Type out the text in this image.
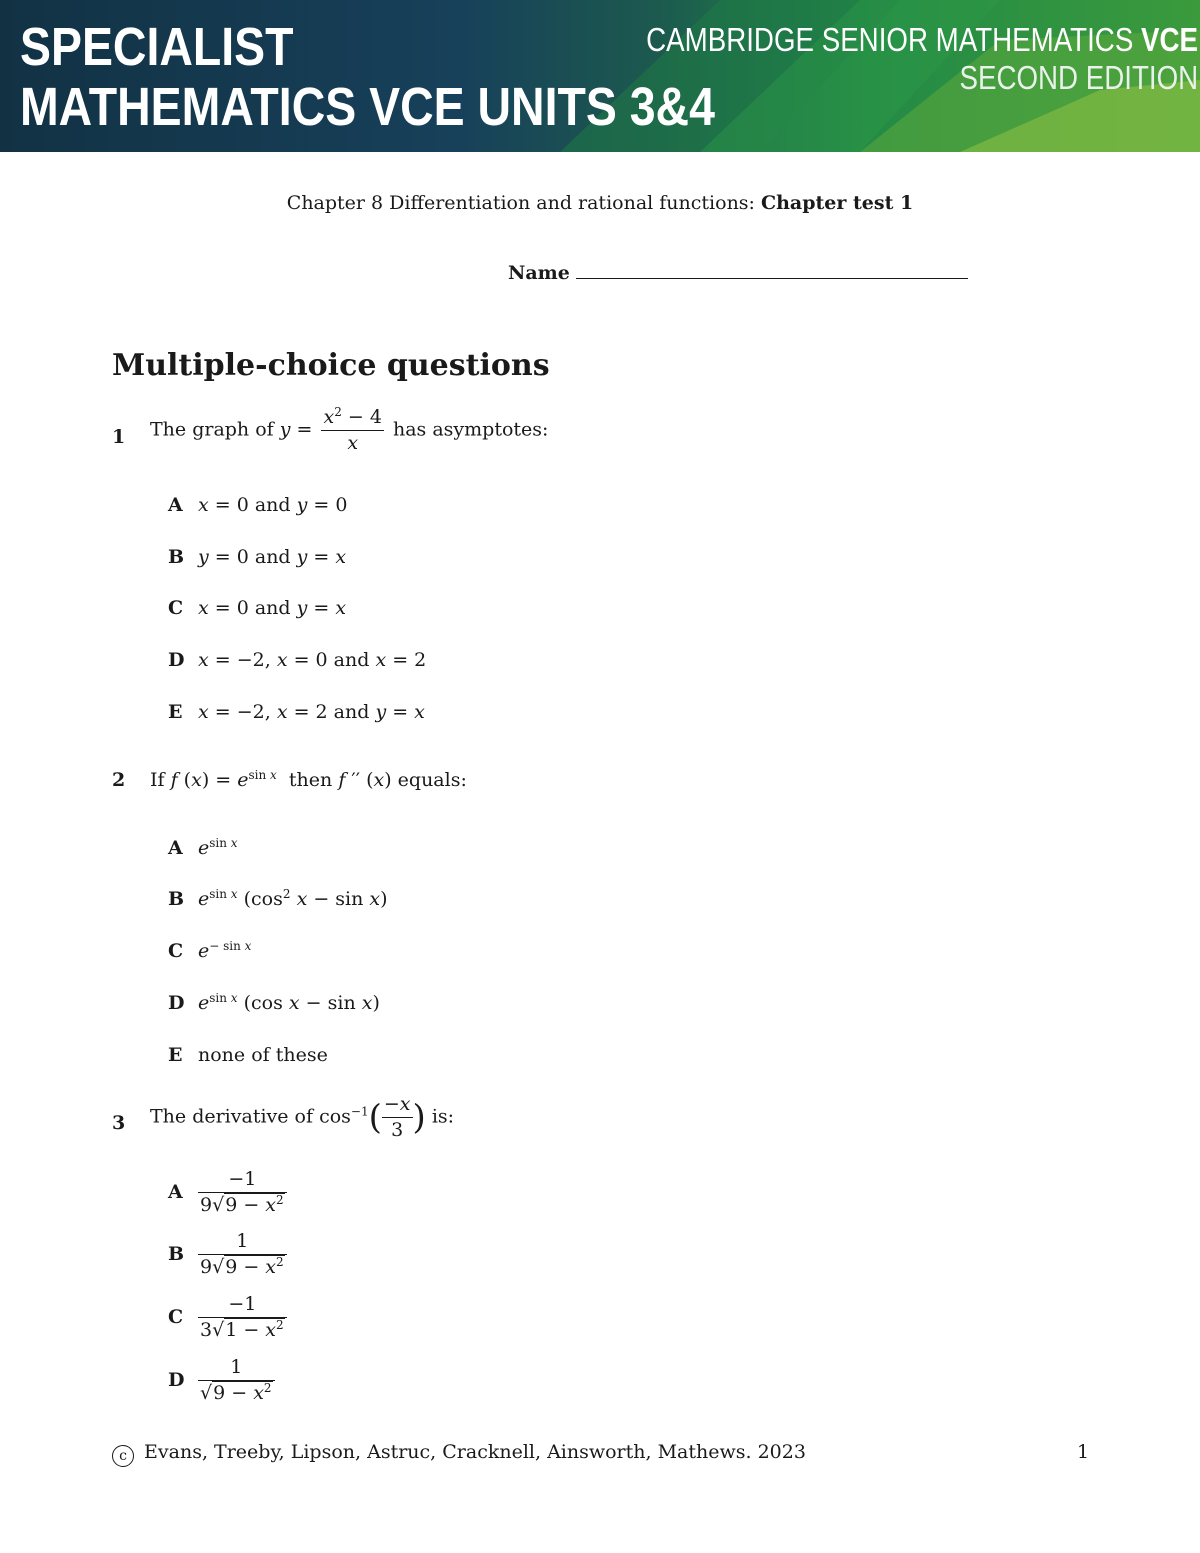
SPECIALIST
MATHEMATICS VCE UNITS 3&4
CAMBRIDGE SENIOR MATHEMATICS VCE
SECOND EDITION
Chapter 8 Differentiation and rational functions: Chapter test 1
Name
Multiple-choice questions
1 The graph of $y = \frac{x^2 - 4}{x}$ has asymptotes:
A x = 0 and y = 0
B y = 0 and y = x
C x = 0 and y = x
D x = −2, x = 0 and x = 2
E x = −2, x = 2 and y = x
2 If f $(x) = e^{sin x}$ then f ′′ (x) equals:
A $e^{sin x}$
B $e^{sin x}$ ($\cos^2$ x − sin x)
C $e^{- sin x}$
D $e^{sin x}$ (cos x − sin x)
E none of these
3 The derivative of $\cos^{-1}( \frac{-x}{3}$ ) is:
A $\frac{-1}{9√9 - x^2}$
B $\frac{1}{9√9 - x^2}$
C $\frac{-1}{3√1 - x^2}$
D $\frac{1}{√9 - x^2}$
c Evans, Treeby, Lipson, Astruc, Cracknell, Ainsworth, Mathews. 2023	1
